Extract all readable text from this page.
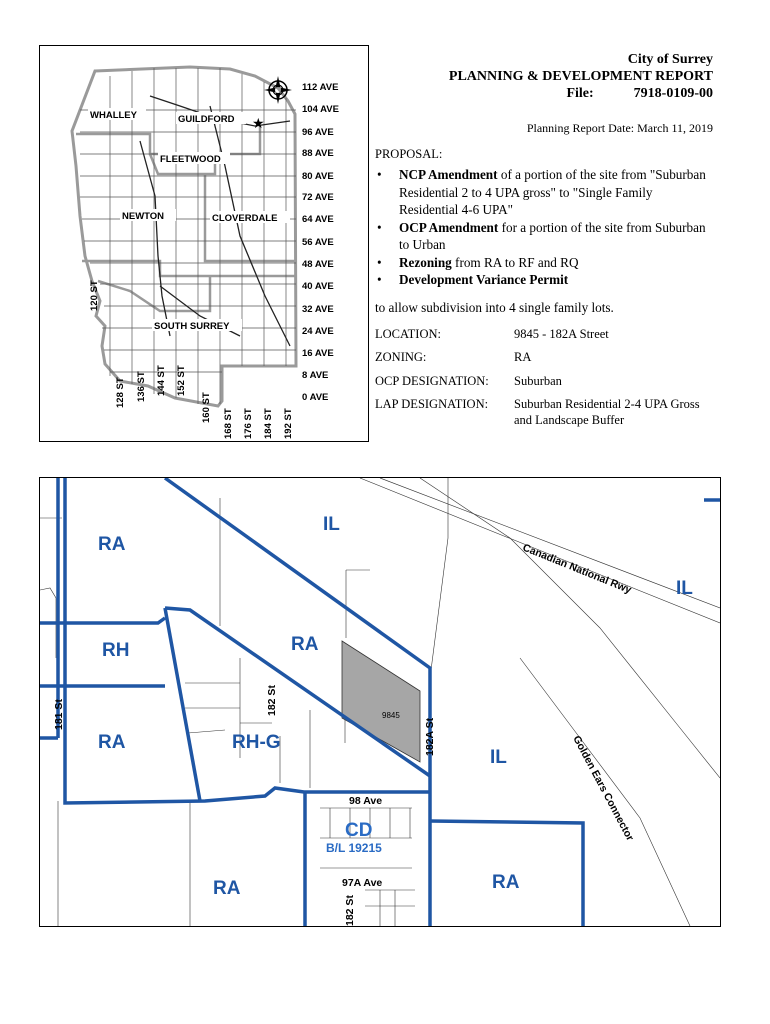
City of Surrey
PLANNING & DEVELOPMENT REPORT
File:	7918-0109-00
Planning Report Date: March 11, 2019
PROPOSAL:
• NCP Amendment of a portion of the site from "Suburban Residential 2 to 4 UPA gross" to "Single Family Residential 4-6 UPA"
• OCP Amendment for a portion of the site from Suburban to Urban
• Rezoning from RA to RF and RQ
• Development Variance Permit
to allow subdivision into 4 single family lots.
LOCATION:	9845 - 182A Street
ZONING:	RA
OCP DESIGNATION:	Suburban
LAP DESIGNATION:	Suburban Residential 2-4 UPA Gross and Landscape Buffer
★
112 AVE
104 AVE
96 AVE
88 AVE
80 AVE
72 AVE
64 AVE
56 AVE
48 AVE
40 AVE
32 AVE
24 AVE
16 AVE
8 AVE
0 AVE
120 ST
128 ST 136 ST 144 ST 152 ST
160 ST
168 ST 176 ST 184 ST 192 ST
WHALLEY	GUILDFORD
FLEETWOOD
NEWTON	CLOVERDALE
SOUTH SURREY
9845
RA
IL
IL
RH	RA
RA	RH-G
IL
CD
B/L 19215
RA	RA
Canadian National Rwy
Golden Ears Connector
181 St	182 St
182A St
98 Ave
97A Ave
182 St
